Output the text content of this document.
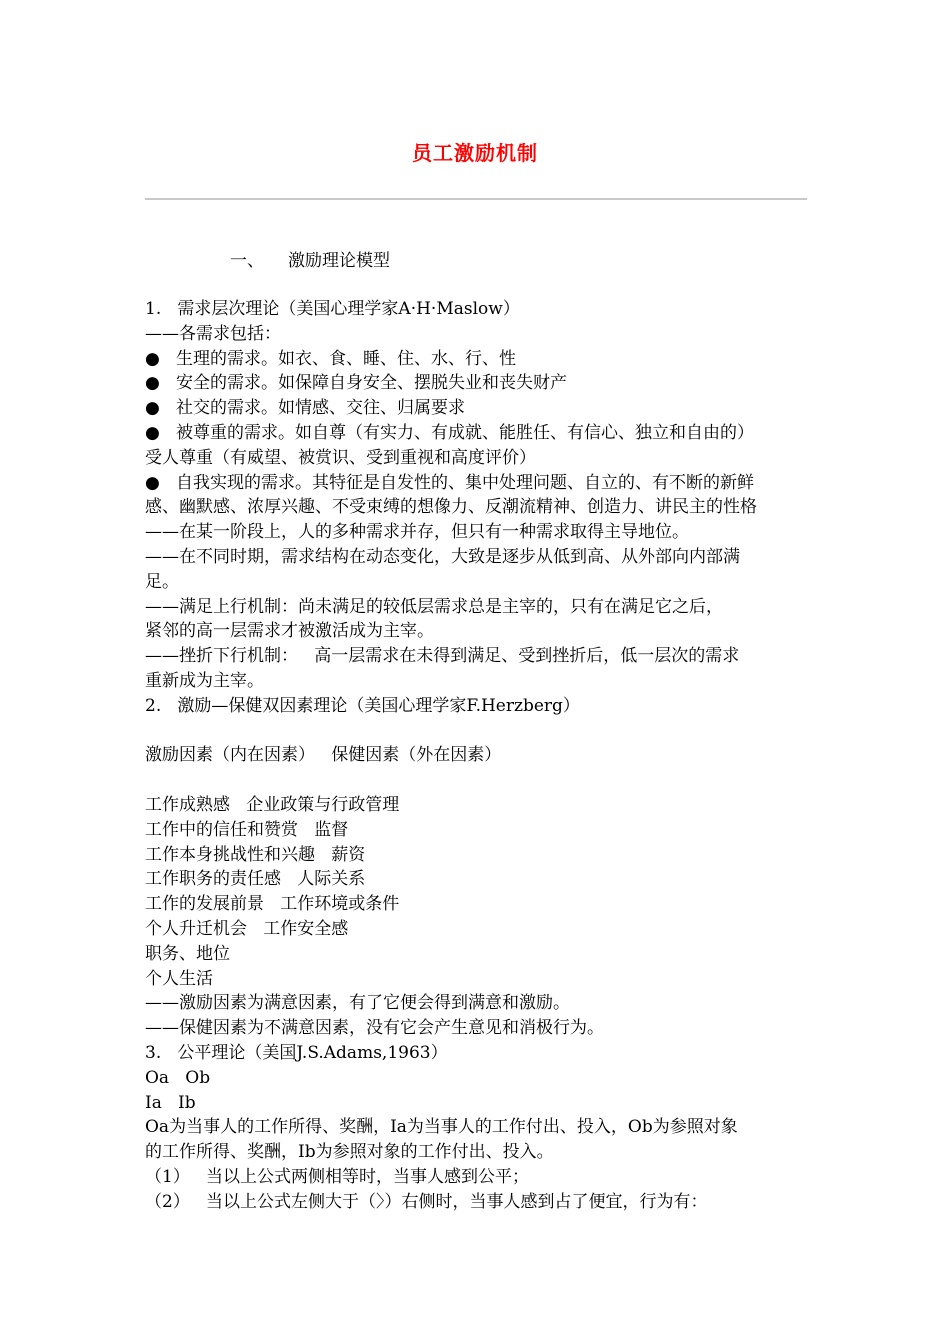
员工激励机制
一、 激励理论模型
1.   需求层次理论（美国心理学家A·H·Maslow）
——各需求包括：
●   生理的需求。如衣、食、睡、住、水、行、性
●   安全的需求。如保障自身安全、摆脱失业和丧失财产
●   社交的需求。如情感、交往、归属要求
●   被尊重的需求。如自尊（有实力、有成就、能胜任、有信心、独立和自由的）
受人尊重（有威望、被赏识、受到重视和高度评价）
●   自我实现的需求。其特征是自发性的、集中处理问题、自立的、有不断的新鲜
感、幽默感、浓厚兴趣、不受束缚的想像力、反潮流精神、创造力、讲民主的性格
——在某一阶段上，人的多种需求并存，但只有一种需求取得主导地位。
——在不同时期，需求结构在动态变化，大致是逐步从低到高、从外部向内部满
足。
——满足上行机制：尚未满足的较低层需求总是主宰的，只有在满足它之后，
紧邻的高一层需求才被激活成为主宰。
——挫折下行机制：   高一层需求在未得到满足、受到挫折后，低一层次的需求
重新成为主宰。
2.   激励—保健双因素理论（美国心理学家F.Herzberg）
激励因素（内在因素）   保健因素（外在因素）
工作成熟感   企业政策与行政管理
工作中的信任和赞赏   监督
工作本身挑战性和兴趣   薪资
工作职务的责任感   人际关系
工作的发展前景   工作环境或条件
个人升迁机会   工作安全感
职务、地位
个人生活
——激励因素为满意因素，有了它便会得到满意和激励。
——保健因素为不满意因素，没有它会产生意见和消极行为。
3.   公平理论（美国J.S.Adams,1963）
Oa   Ob
Ia   Ib
Oa为当事人的工作所得、奖酬，Ia为当事人的工作付出、投入，Ob为参照对象
的工作所得、奖酬，Ib为参照对象的工作付出、投入。
（1）   当以上公式两侧相等时，当事人感到公平；
（2）   当以上公式左侧大于（〉）右侧时，当事人感到占了便宜，行为有：
